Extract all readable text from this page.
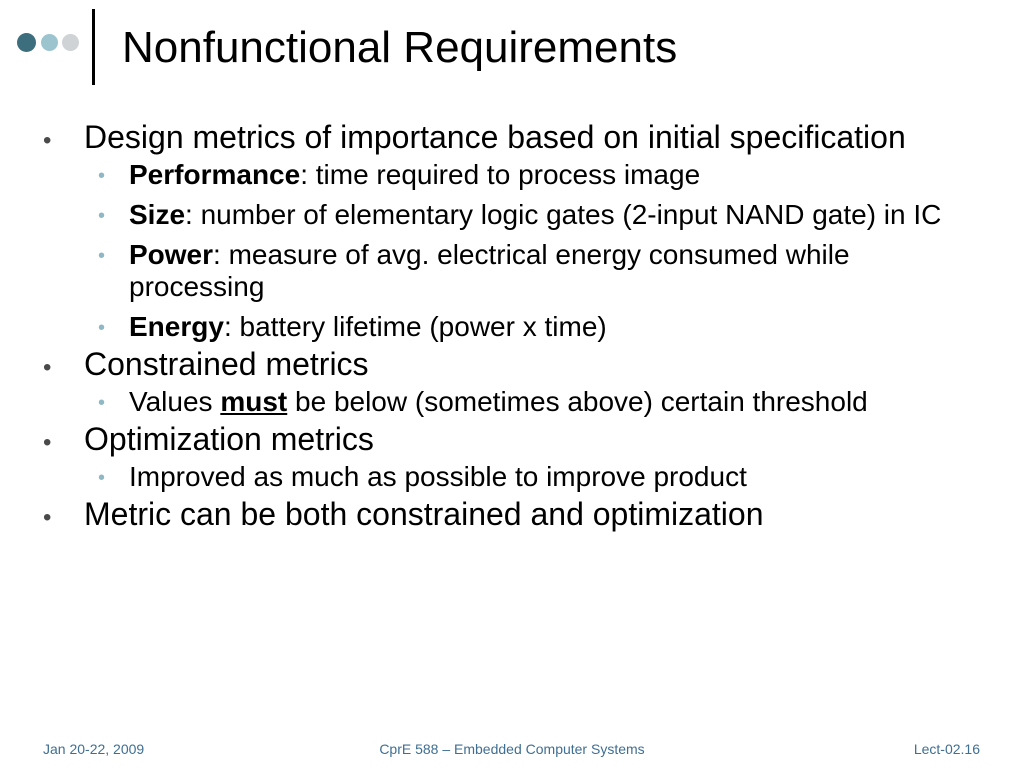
Nonfunctional Requirements
• Design metrics of importance based on initial specification
• Performance: time required to process image
• Size: number of elementary logic gates (2-input NAND gate) in IC
• Power: measure of avg. electrical energy consumed while processing
• Energy: battery lifetime (power x time)
• Constrained metrics
• Values must be below (sometimes above) certain threshold
• Optimization metrics
• Improved as much as possible to improve product
• Metric can be both constrained and optimization
Jan 20-22, 2009	CprE 588 – Embedded Computer Systems	Lect-02.16
